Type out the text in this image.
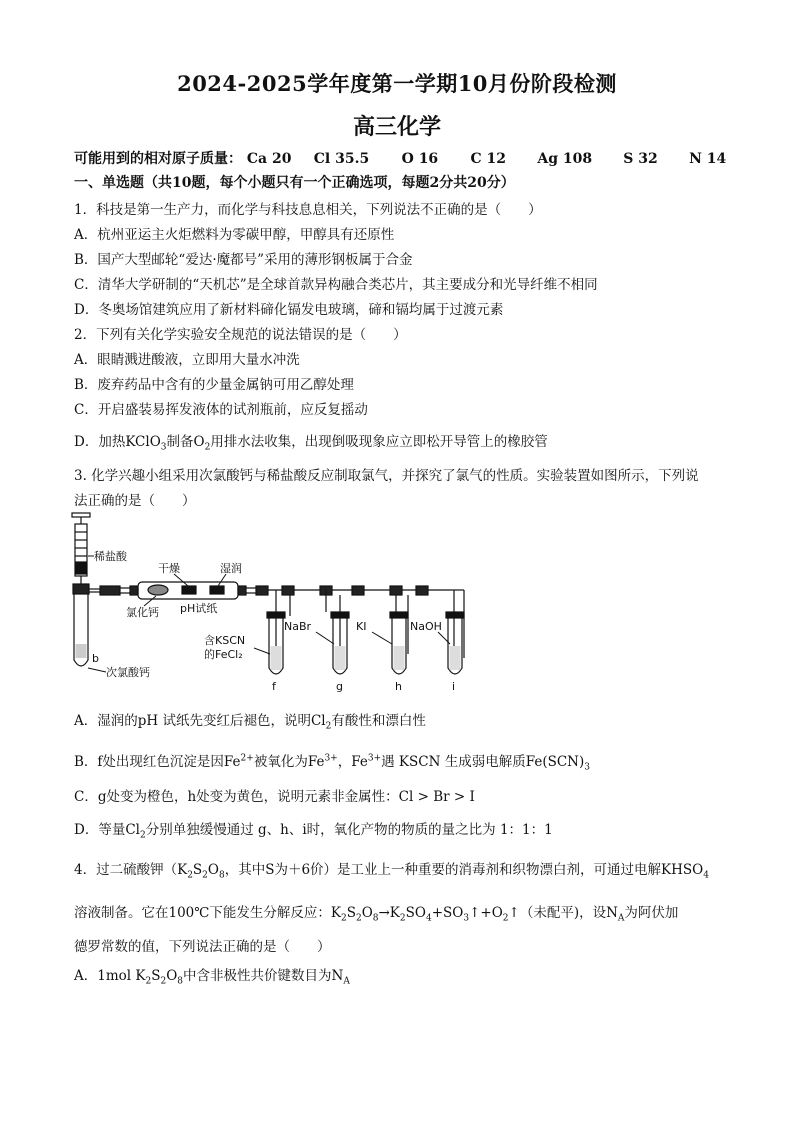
2024-2025学年度第一学期10月份阶段检测
高三化学
可能用到的相对原子质量： Ca 20 Cl 35.5 O 16 C 12 Ag 108 S 32 N 14
一、单选题（共10题，每个小题只有一个正确选项，每题2分共20分）
1．科技是第一生产力，而化学与科技息息相关，下列说法不正确的是（　　）
A．杭州亚运主火炬燃料为零碳甲醇，甲醇具有还原性
B．国产大型邮轮“爱达·魔都号”采用的薄形钢板属于合金
C．清华大学研制的“天机芯”是全球首款异构融合类芯片，其主要成分和光导纤维不相同
D．冬奥场馆建筑应用了新材料碲化镉发电玻璃，碲和镉均属于过渡元素
2．下列有关化学实验安全规范的说法错误的是（　　）
A．眼睛溅进酸液，立即用大量水冲洗
B．废弃药品中含有的少量金属钠可用乙醇处理
C．开启盛装易挥发液体的试剂瓶前，应反复摇动
D．加热KClO$_3$制备$O_2$用排水法收集，出现倒吸现象应立即松开导管上的橡胶管
3. 化学兴趣小组采用次氯酸钙与稀盐酸反应制取氯气，并探究了氯气的性质。实验装置如图所示，下列说
法正确的是（　　）
稀盐酸
b
次氯酸钙
干燥	湿润
氯化钙 pH试纸
含KSCN
的FeCl₂
f
NaBr
g
KI
h
NaOH
i
A．湿润的pH 试纸先变红后褪色，说明$Cl_2$有酸性和漂白性
B．f处出现红色沉淀是因$Fe^{2+}$被氧化为$Fe^{3+}$，$Fe^{3+}$遇 KSCN 生成弱电解质$Fe(SCN)_3$
C．g处变为橙色，h处变为黄色，说明元素非金属性：Cl > Br > I
D．等量$Cl_2$分别单独缓慢通过 g、h、i时，氧化产物的物质的量之比为 1：1：1
4．过二硫酸钾（$K_2S_2O_8$，其中S为＋6价）是工业上一种重要的消毒剂和织物漂白剂，可通过电解$KHSO_4$
溶液制备。它在100℃下能发生分解反应：$K_2S_2O_8\to K_2SO_4+SO_3↑+O_2↑$（未配平)，设$N_A$为阿伏加
德罗常数的值，下列说法正确的是（　　）
A．1mol $K_2S_2O_8$中含非极性共价键数目为$N_A$
